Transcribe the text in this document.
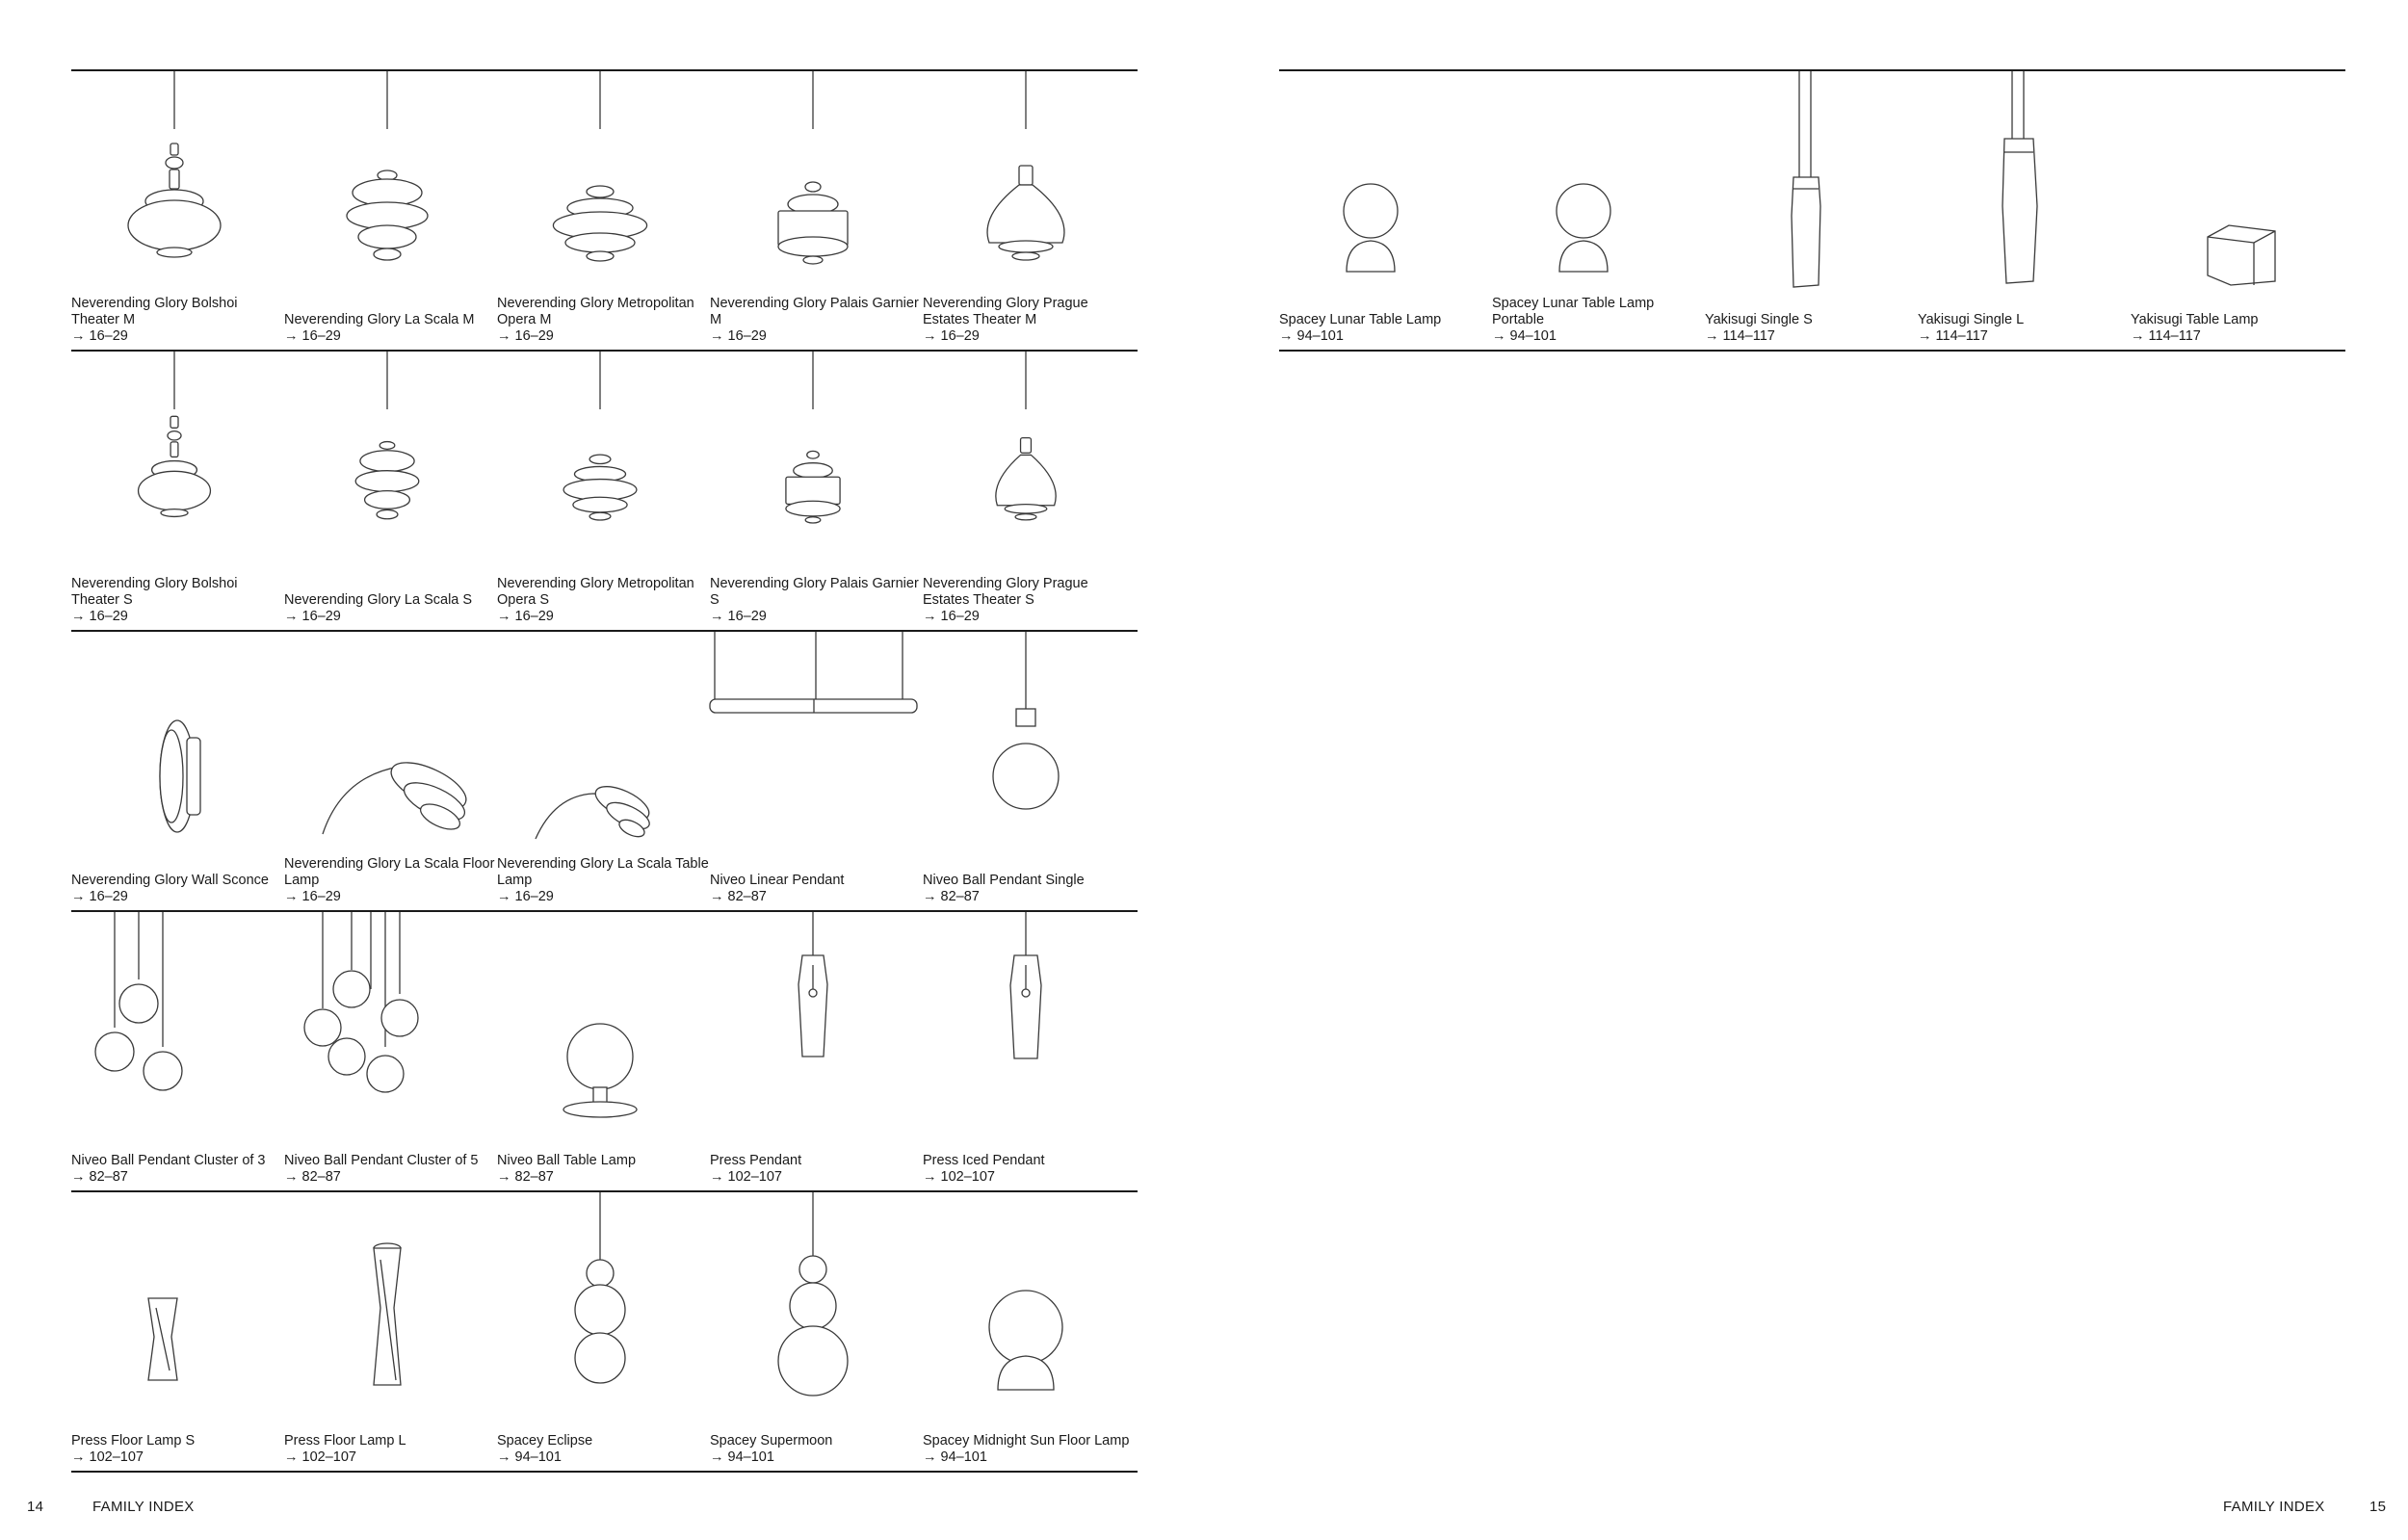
Neverending Glory Bolshoi Theater M
→ 16–29
Neverending Glory La Scala M
→ 16–29
Neverending Glory Metropolitan Opera M
→ 16–29
Neverending Glory Palais Garnier M
→ 16–29
Neverending Glory Prague Estates Theater M
→ 16–29
Neverending Glory Bolshoi Theater S
→ 16–29
Neverending Glory La Scala S
→ 16–29
Neverending Glory Metropolitan Opera S
→ 16–29
Neverending Glory Palais Garnier S
→ 16–29
Neverending Glory Prague Estates Theater S
→ 16–29
Neverending Glory Wall Sconce
→ 16–29
Neverending Glory La Scala Floor Lamp
→ 16–29
Neverending Glory La Scala Table Lamp
→ 16–29
Niveo Linear Pendant
→ 82–87
Niveo Ball Pendant Single
→ 82–87
Niveo Ball Pendant Cluster of 3
→ 82–87
Niveo Ball Pendant Cluster of 5
→ 82–87
Niveo Ball Table Lamp
→ 82–87
Press Pendant
→ 102–107
Press Iced Pendant
→ 102–107
Press Floor Lamp S
→ 102–107
Press Floor Lamp L
→ 102–107
Spacey Eclipse
→ 94–101
Spacey Supermoon
→ 94–101
Spacey Midnight Sun Floor Lamp
→ 94–101
14	FAMILY INDEX
Spacey Lunar Table Lamp
→ 94–101
Spacey Lunar Table Lamp Portable
→ 94–101
Yakisugi Single S
→ 114–117
Yakisugi Single L
→ 114–117
Yakisugi Table Lamp
→ 114–117
FAMILY INDEX	15
